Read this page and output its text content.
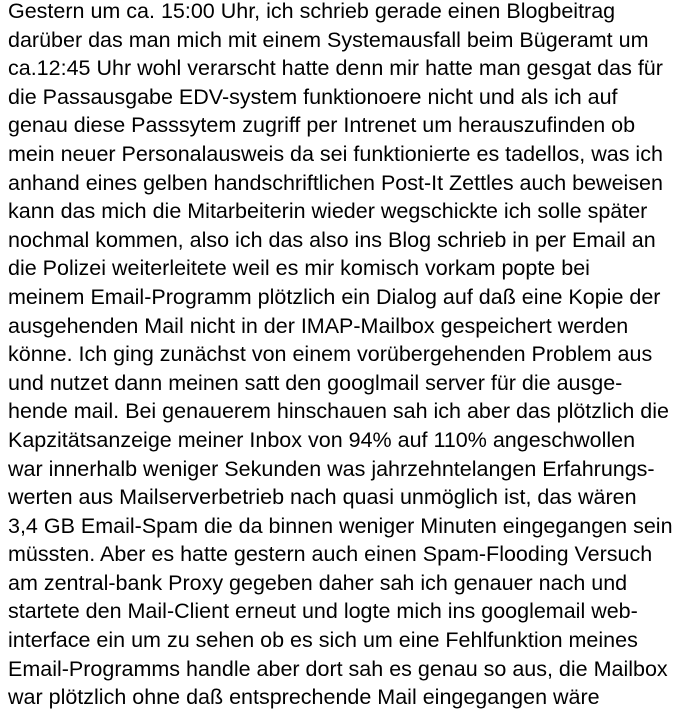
Gestern um ca. 15:00 Uhr, ich schrieb gerade einen Blogbeitrag
darüber das man mich mit einem Systemausfall beim Bügeramt um
ca.12:45 Uhr wohl verarscht hatte denn mir hatte man gesgat das für
die Passausgabe EDV-system funktionoere nicht und als ich auf
genau diese Passsytem zugriff per Intrenet um herauszufinden ob
mein neuer Personalausweis da sei funktionierte es tadellos, was ich
anhand eines gelben handschriftlichen Post-It Zettles auch beweisen
kann das mich die Mitarbeiterin wieder wegschickte ich solle später
nochmal kommen, also ich das also ins Blog schrieb in per Email an
die Polizei weiterleitete weil es mir komisch vorkam popte bei
meinem Email-Programm plötzlich ein Dialog auf daß eine Kopie der
ausgehenden Mail nicht in der IMAP-Mailbox gespeichert werden
könne. Ich ging zunächst von einem vorübergehenden Problem aus
und nutzet dann meinen satt den googlmail server für die ausge-
hende mail. Bei genauerem hinschauen sah ich aber das plötzlich die
Kapzitätsanzeige meiner Inbox von 94% auf 110% angeschwollen
war innerhalb weniger Sekunden was jahrzehntelangen Erfahrungs-
werten aus Mailserverbetrieb nach quasi unmöglich ist, das wären
3,4 GB Email-Spam die da binnen weniger Minuten eingegangen sein
müssten. Aber es hatte gestern auch einen Spam-Flooding Versuch
am zentral-bank Proxy gegeben daher sah ich genauer nach und
startete den Mail-Client erneut und logte mich ins googlemail web-
interface ein um zu sehen ob es sich um eine Fehlfunktion meines
Email-Programms handle aber dort sah es genau so aus, die Mailbox
war plötzlich ohne daß entsprechende Mail eingegangen wäre
